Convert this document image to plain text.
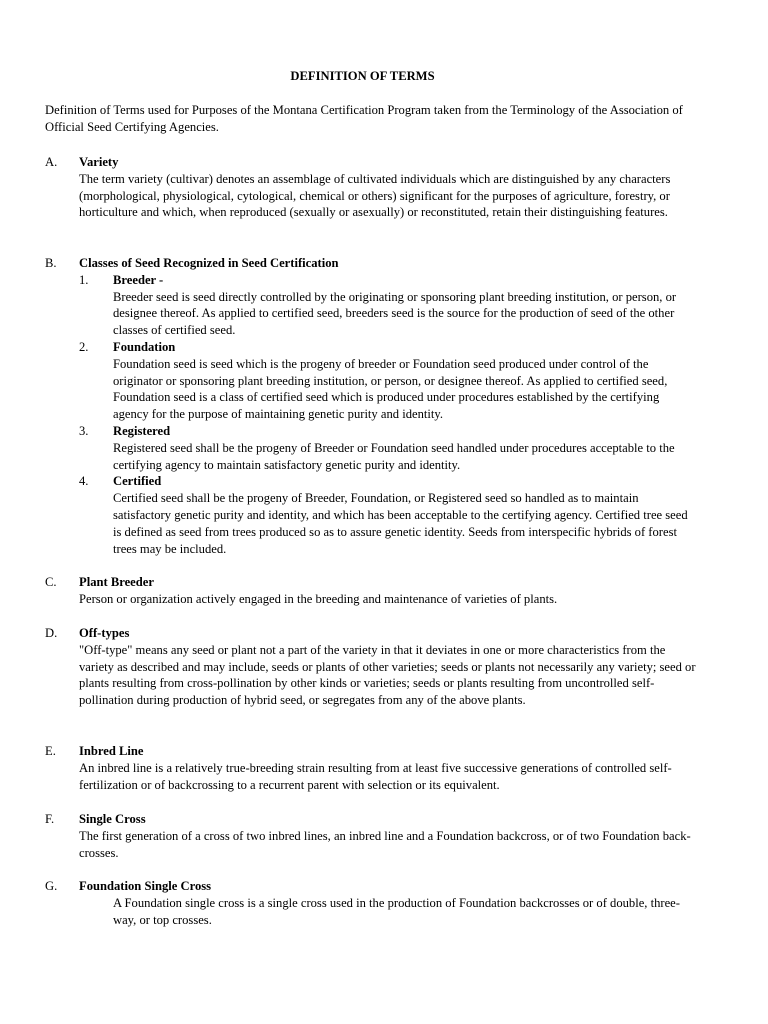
DEFINITION OF TERMS
Definition of Terms used for Purposes of the Montana Certification Program taken from the Terminology of the Association of Official Seed Certifying Agencies.
A. Variety
The term variety (cultivar) denotes an assemblage of cultivated individuals which are distinguished by any characters (morphological, physiological, cytological, chemical or others) significant for the purposes of agriculture, forestry, or horticulture and which, when reproduced (sexually or asexually) or reconstituted, retain their distinguishing features.
B. Classes of Seed Recognized in Seed Certification
1. Breeder -
Breeder seed is seed directly controlled by the originating or sponsoring plant breeding institution, or person, or designee thereof. As applied to certified seed, breeders seed is the source for the production of seed of the other classes of certified seed.
2. Foundation
Foundation seed is seed which is the progeny of breeder or Foundation seed produced under control of the originator or sponsoring plant breeding institution, or person, or designee thereof. As applied to certified seed, Foundation seed is a class of certified seed which is produced under procedures established by the certifying agency for the purpose of maintaining genetic purity and identity.
3. Registered
Registered seed shall be the progeny of Breeder or Foundation seed handled under procedures acceptable to the certifying agency to maintain satisfactory genetic purity and identity.
4. Certified
Certified seed shall be the progeny of Breeder, Foundation, or Registered seed so handled as to maintain satisfactory genetic purity and identity, and which has been acceptable to the certifying agency. Certified tree seed is defined as seed from trees produced so as to assure genetic identity. Seeds from interspecific hybrids of forest trees may be included.
C. Plant Breeder
Person or organization actively engaged in the breeding and maintenance of varieties of plants.
D. Off-types
"Off-type" means any seed or plant not a part of the variety in that it deviates in one or more characteristics from the variety as described and may include, seeds or plants of other varieties; seeds or plants not necessarily any variety; seed or plants resulting from cross-pollination by other kinds or varieties; seeds or plants resulting from uncontrolled self-pollination during production of hybrid seed, or segregates from any of the above plants.
E. Inbred Line
An inbred line is a relatively true-breeding strain resulting from at least five successive generations of controlled self-fertilization or of backcrossing to a recurrent parent with selection or its equivalent.
F. Single Cross
The first generation of a cross of two inbred lines, an inbred line and a Foundation backcross, or of two Foundation back-crosses.
G. Foundation Single Cross
A Foundation single cross is a single cross used in the production of Foundation backcrosses or of double, three-way, or top crosses.
